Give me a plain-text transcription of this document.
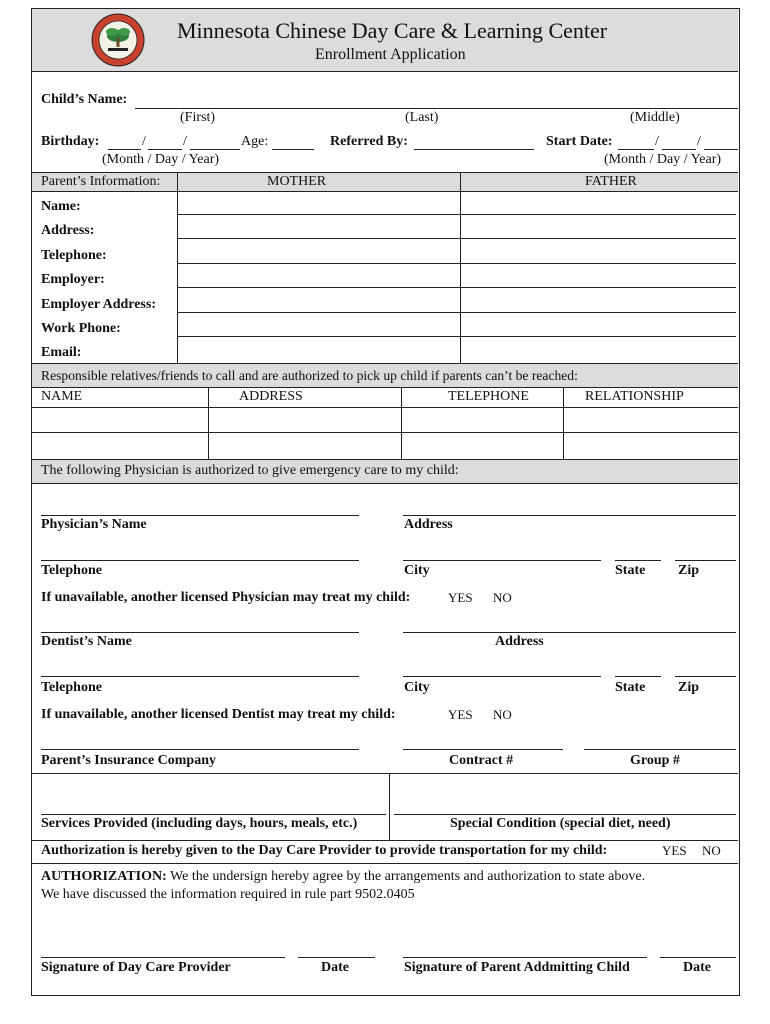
Minnesota Chinese Day Care & Learning Center
Enrollment Application
Child’s Name:
(First)	(Last)	(Middle)
Birthday:	/	/	Age:	Referred By:	Start Date:	/	/
(Month / Day / Year)	(Month / Day / Year)
Parent’s Information:	MOTHER	FATHER
Name:
Address:
Telephone:
Employer:
Employer Address:
Work Phone:
Email:
Responsible relatives/friends to call and are authorized to pick up child if parents can’t be reached:
NAME	ADDRESS	TELEPHONE	RELATIONSHIP
The following Physician is authorized to give emergency care to my child:
Physician’s Name	Address
Telephone	City	State Zip
If unavailable, another licensed Physician may treat my child:	YES NO
Dentist’s Name	Address
Telephone	City	State Zip
If unavailable, another licensed Dentist may treat my child:	YES NO
Parent’s Insurance Company	Contract #	Group #
Services Provided (including days, hours, meals, etc.)	Special Condition (special diet, need)
Authorization is hereby given to the Day Care Provider to provide transportation for my child:	YES NO
AUTHORIZATION: We the undersign hereby agree by the arrangements and authorization to state above.
We have discussed the information required in rule part 9502.0405
Signature of Day Care Provider	Date	Signature of Parent Addmitting Child	Date
